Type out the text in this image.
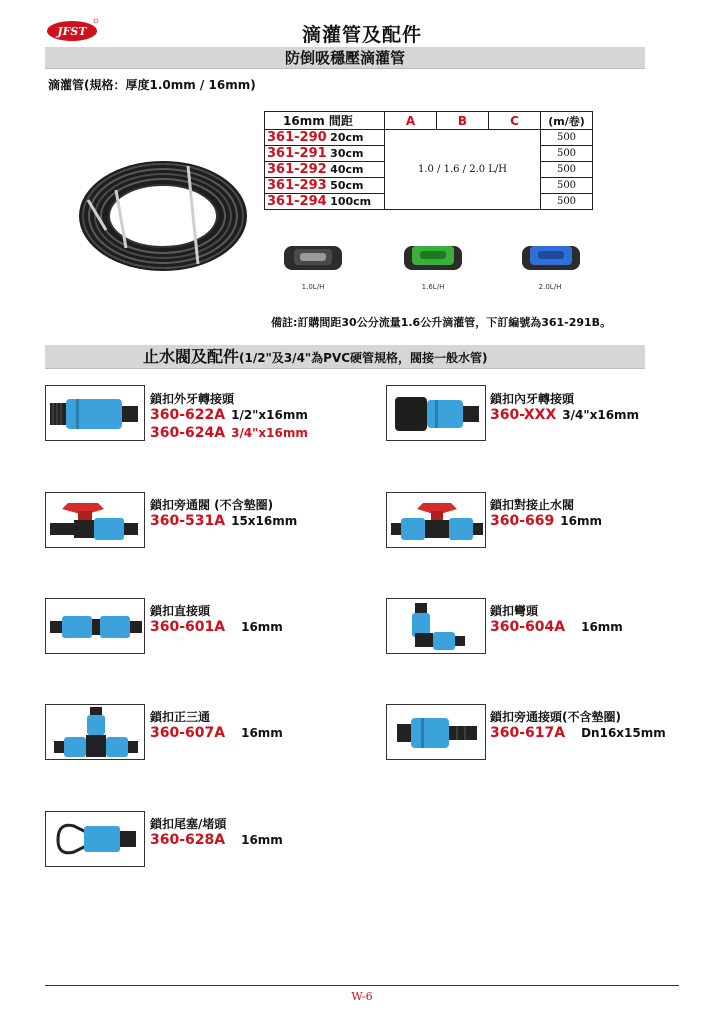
JFST	滴灌管及配件
防倒吸穩壓滴灌管
滴灌管(規格：厚度1.0mm / 16mm)
16mm 間距	A	B	C	(m/卷)
361-290 20cm	1.0 / 1.6 / 2.0 L/H			500
361-291 30cm				500
361-292 40cm				500
361-293 50cm				500
361-294 100cm				500
1.0L/H	1.6L/H	2.0L/H
備註:訂購間距30公分流量1.6公升滴灌管，下訂編號為361-291B。
止水閥及配件(1/2"及3/4"為PVC硬管規格，閥接一般水管)
鎖扣外牙轉接頭
360-622A 1/2"x16mm
360-624A 3/4"x16mm
鎖扣內牙轉接頭
360-XXX 3/4"x16mm
鎖扣旁通閥 (不含墊圈)
360-531A 15x16mm
鎖扣對接止水閥
360-669 16mm
鎖扣直接頭
360-601A 16mm
鎖扣彎頭
360-604A 16mm
鎖扣正三通
360-607A 16mm
鎖扣旁通接頭(不含墊圈)
360-617A Dn16x15mm
鎖扣尾塞/堵頭
360-628A 16mm
W-6
